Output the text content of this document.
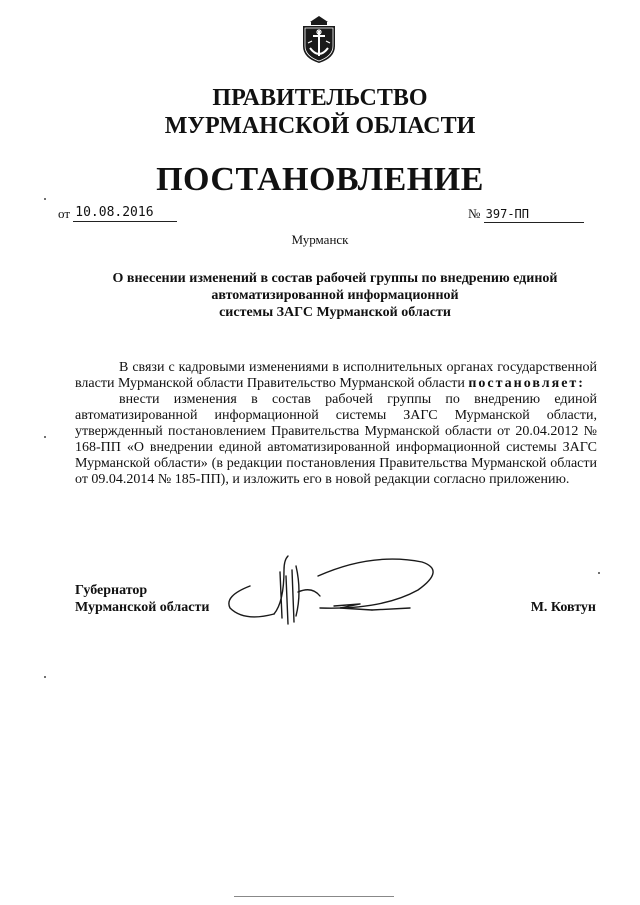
ПРАВИТЕЛЬСТВО
МУРМАНСКОЙ ОБЛАСТИ
ПОСТАНОВЛЕНИЕ
от 10.08.2016	№ 397-ПП
Мурманск
О внесении изменений в состав рабочей группы по внедрению единой
автоматизированной информационной
системы ЗАГС Мурманской области

В связи с кадровыми изменениями в исполнительных органах государственной власти Мурманской области Правительство Мурманской области постановляет:

внести изменения в состав рабочей группы по внедрению единой автоматизированной информационной системы ЗАГС Мурманской области, утвержденный постановлением Правительства Мурманской области от 20.04.2012 № 168-ПП «О внедрении единой автоматизированной информационной системы ЗАГС Мурманской области» (в редакции постановления Правительства Мурманской области от 09.04.2014 № 185-ПП), и изложить его в новой редакции согласно приложению.

Губернатор
Мурманской области	М. Ковтун
